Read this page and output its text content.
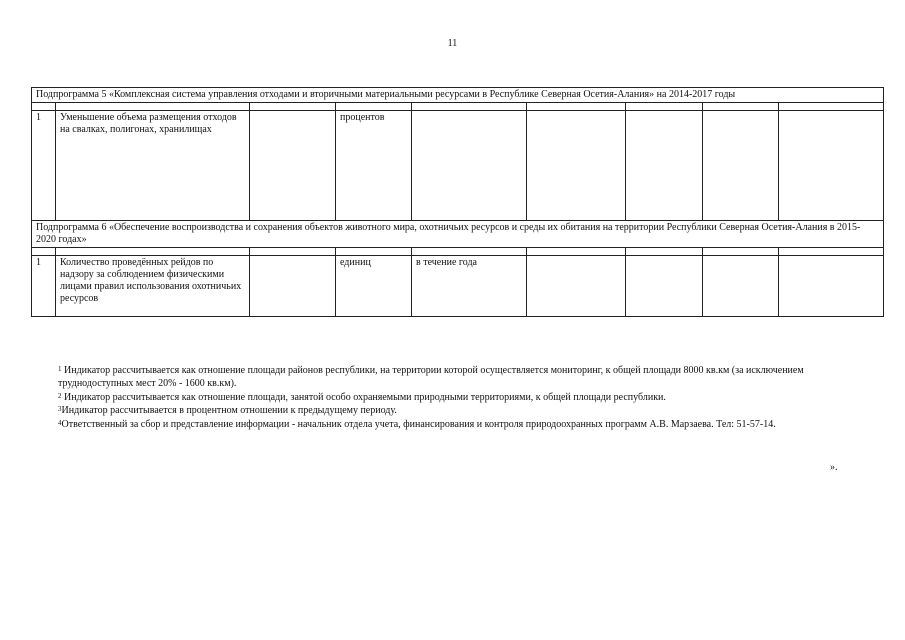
11
Подпрограмма 5 «Комплексная система управления отходами и вторичными материальными ресурсами в Республике Северная Осетия-Алания» на 2014-2017 годы								

1	Уменьшение объема размещения отходов на свалках, полигонах, хранилищах		процентов					
Подпрограмма 6 «Обеспечение воспроизводства и сохранения объектов животного мира, охотничьих ресурсов и среды их обитания на территории Республики Северная Осетия-Алания в 2015-2020 годах»								

1	Количество проведённых рейдов по надзору за соблюдением физическими лицами правил использования охотничьих ресурсов		единиц	в течение года				

$^1$ Индикатор рассчитывается как отношение площади районов республики, на территории которой осуществляется мониторинг, к общей площади 8000 кв.км (за исключением труднодоступных мест 20% - 1600 кв.км).

$^2$ Индикатор рассчитывается как отношение площади, занятой особо охраняемыми природными территориями, к общей площади республики.

$^3$Индикатор рассчитывается в процентном отношении к предыдущему периоду.

$^4$Ответственный за сбор и представление информации - начальник отдела учета, финансирования и контроля природоохранных программ А.В. Марзаева. Тел: 51-57-14.

».
